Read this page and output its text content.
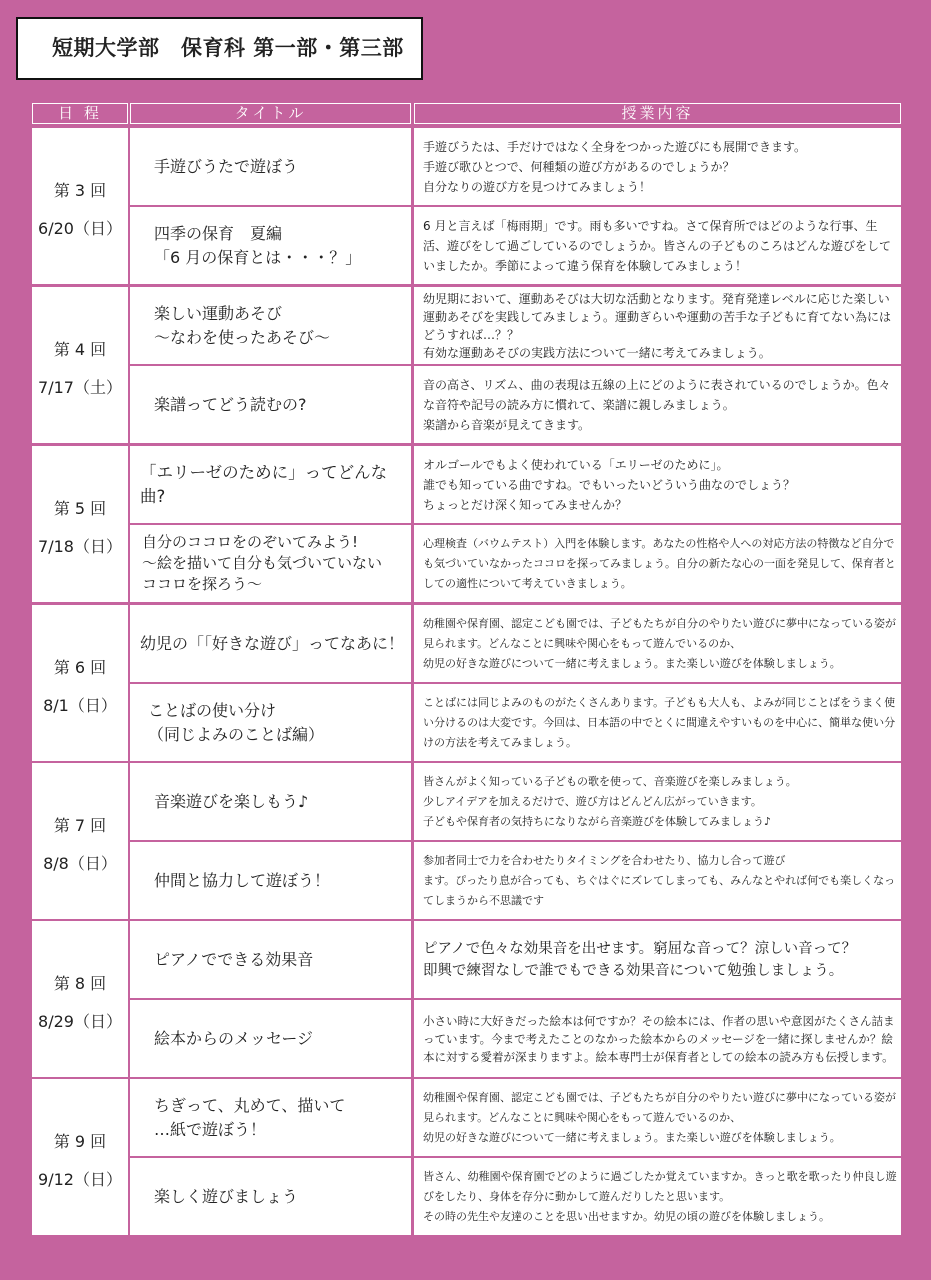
短期大学部　保育科 第一部・第三部
日 程	タイトル	授業内容
第 3 回
6/20（日）
手遊びうたで遊ぼう
手遊びうたは、手だけではなく全身をつかった遊びにも展開できます。
手遊び歌ひとつで、何種類の遊び方があるのでしょうか？
自分なりの遊び方を見つけてみましょう！
四季の保育　夏編
「6 月の保育とは・・・？」
6 月と言えば「梅雨期」です。雨も多いですね。さて保育所ではどのような行事、生活、遊びをして過ごしているのでしょうか。皆さんの子どものころはどんな遊びをしていましたか。季節によって違う保育を体験してみましょう！
第 4 回
7/17（土）
楽しい運動あそび
～なわを使ったあそび～
幼児期において、運動あそびは大切な活動となります。発育発達レベルに応じた楽しい運動あそびを実践してみましょう。運動ぎらいや運動の苦手な子どもに育てない為にはどうすれば…？？
有効な運動あそびの実践方法について一緒に考えてみましょう。
楽譜ってどう読むの?
音の高さ、リズム、曲の表現は五線の上にどのように表されているのでしょうか。色々な音符や記号の読み方に慣れて、楽譜に親しみましょう。
楽譜から音楽が見えてきます。
第 5 回
7/18（日）
「エリーゼのために」ってどんな曲?
オルゴールでもよく使われている「エリーゼのために」。
誰でも知っている曲ですね。でもいったいどういう曲なのでしょう？
ちょっとだけ深く知ってみませんか？
自分のココロをのぞいてみよう!
～絵を描いて自分も気づいていない
ココロを探ろう～
心理検査（バウムテスト）入門を体験します。あなたの性格や人への対応方法の特徴など自分でも気づいていなかったココロを探ってみましょう。自分の新たな心の一面を発見して、保育者としての適性について考えていきましょう。
第 6 回
8/1（日）
幼児の「「好きな遊び」ってなあに！
幼稚園や保育園、認定こども園では、子どもたちが自分のやりたい遊びに夢中になっている姿が見られます。どんなことに興味や関心をもって遊んでいるのか、
幼児の好きな遊びについて一緒に考えましょう。また楽しい遊びを体験しましょう。
ことばの使い分け
（同じよみのことば編）
ことばには同じよみのものがたくさんあります。子どもも大人も、よみが同じことばをうまく使い分けるのは大変です。今回は、日本語の中でとくに間違えやすいものを中心に、簡単な使い分けの方法を考えてみましょう。
第 7 回
8/8（日）
音楽遊びを楽しもう♪
皆さんがよく知っている子どもの歌を使って、音楽遊びを楽しみましょう。
少しアイデアを加えるだけで、遊び方はどんどん広がっていきます。
子どもや保育者の気持ちになりながら音楽遊びを体験してみましょう♪
仲間と協力して遊ぼう！
参加者同士で力を合わせたりタイミングを合わせたり、協力し合って遊び
ます。ぴったり息が合っても、ちぐはぐにズレてしまっても、みんなとやれば何でも楽しくなってしまうから不思議です
第 8 回
8/29（日）
ピアノでできる効果音
ピアノで色々な効果音を出せます。窮屈な音って？涼しい音って？
即興で練習なしで誰でもできる効果音について勉強しましょう。
絵本からのメッセージ
小さい時に大好きだった絵本は何ですか？その絵本には、作者の思いや意図がたくさん詰まっています。今まで考えたことのなかった絵本からのメッセージを一緒に探しませんか？絵本に対する愛着が深まりますよ。絵本専門士が保育者としての絵本の読み方も伝授します。
第 9 回
9/12（日）
ちぎって、丸めて、描いて
…紙で遊ぼう！
幼稚園や保育園、認定こども園では、子どもたちが自分のやりたい遊びに夢中になっている姿が見られます。どんなことに興味や関心をもって遊んでいるのか、
幼児の好きな遊びについて一緒に考えましょう。また楽しい遊びを体験しましょう。
楽しく遊びましょう
皆さん、幼稚園や保育園でどのように過ごしたか覚えていますか。きっと歌を歌ったり仲良し遊びをしたり、身体を存分に動かして遊んだりしたと思います。
その時の先生や友達のことを思い出せますか。幼児の頃の遊びを体験しましょう。
